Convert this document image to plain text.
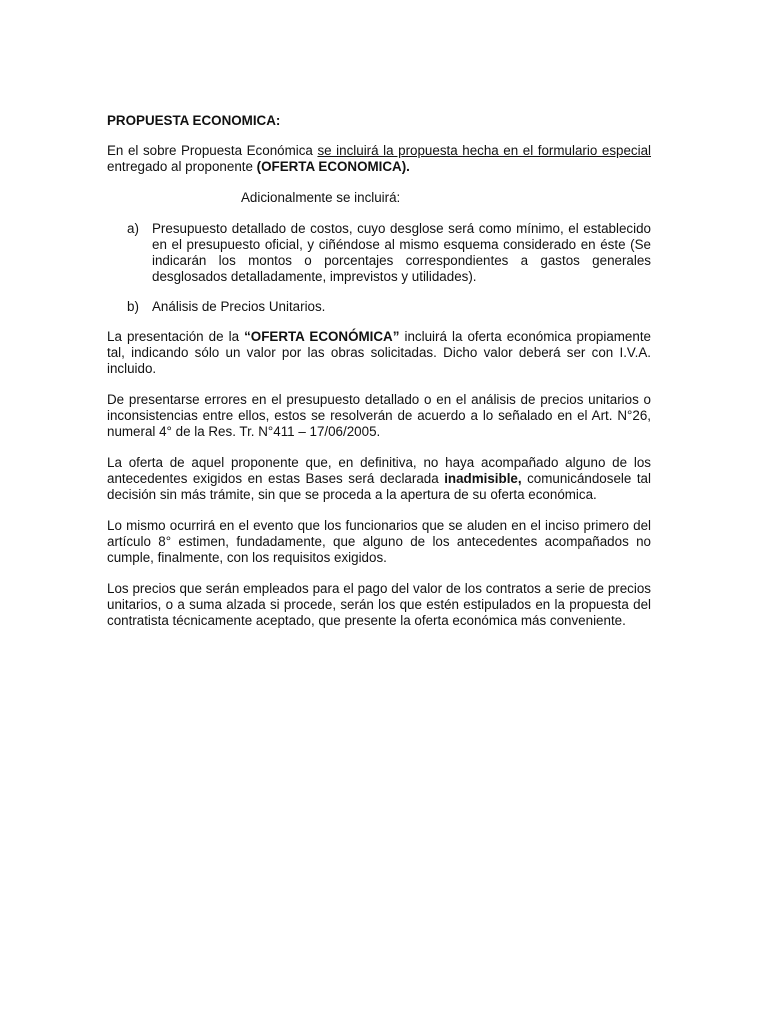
PROPUESTA ECONOMICA:

En el sobre Propuesta Económica se incluirá la propuesta hecha en el formulario especial entregado al proponente (OFERTA ECONOMICA).

Adicionalmente se incluirá:
a) Presupuesto detallado de costos, cuyo desglose será como mínimo, el establecido en el presupuesto oficial, y ciñéndose al mismo esquema considerado en éste (Se indicarán los montos o porcentajes correspondientes a gastos generales desglosados detalladamente, imprevistos y utilidades).
b) Análisis de Precios Unitarios.

La presentación de la “OFERTA ECONÓMICA” incluirá la oferta económica propiamente tal, indicando sólo un valor por las obras solicitadas. Dicho valor deberá ser con I.V.A. incluido.

De presentarse errores en el presupuesto detallado o en el análisis de precios unitarios o inconsistencias entre ellos, estos se resolverán de acuerdo a lo señalado en el Art. N°26, numeral 4° de la Res. Tr. N°411 – 17/06/2005.

La oferta de aquel proponente que, en definitiva, no haya acompañado alguno de los antecedentes exigidos en estas Bases será declarada inadmisible, comunicándosele tal decisión sin más trámite, sin que se proceda a la apertura de su oferta económica.

Lo mismo ocurrirá en el evento que los funcionarios que se aluden en el inciso primero del artículo 8° estimen, fundadamente, que alguno de los antecedentes acompañados no cumple, finalmente, con los requisitos exigidos.

Los precios que serán empleados para el pago del valor de los contratos a serie de precios unitarios, o a suma alzada si procede, serán los que estén estipulados en la propuesta del contratista técnicamente aceptado, que presente la oferta económica más conveniente.
